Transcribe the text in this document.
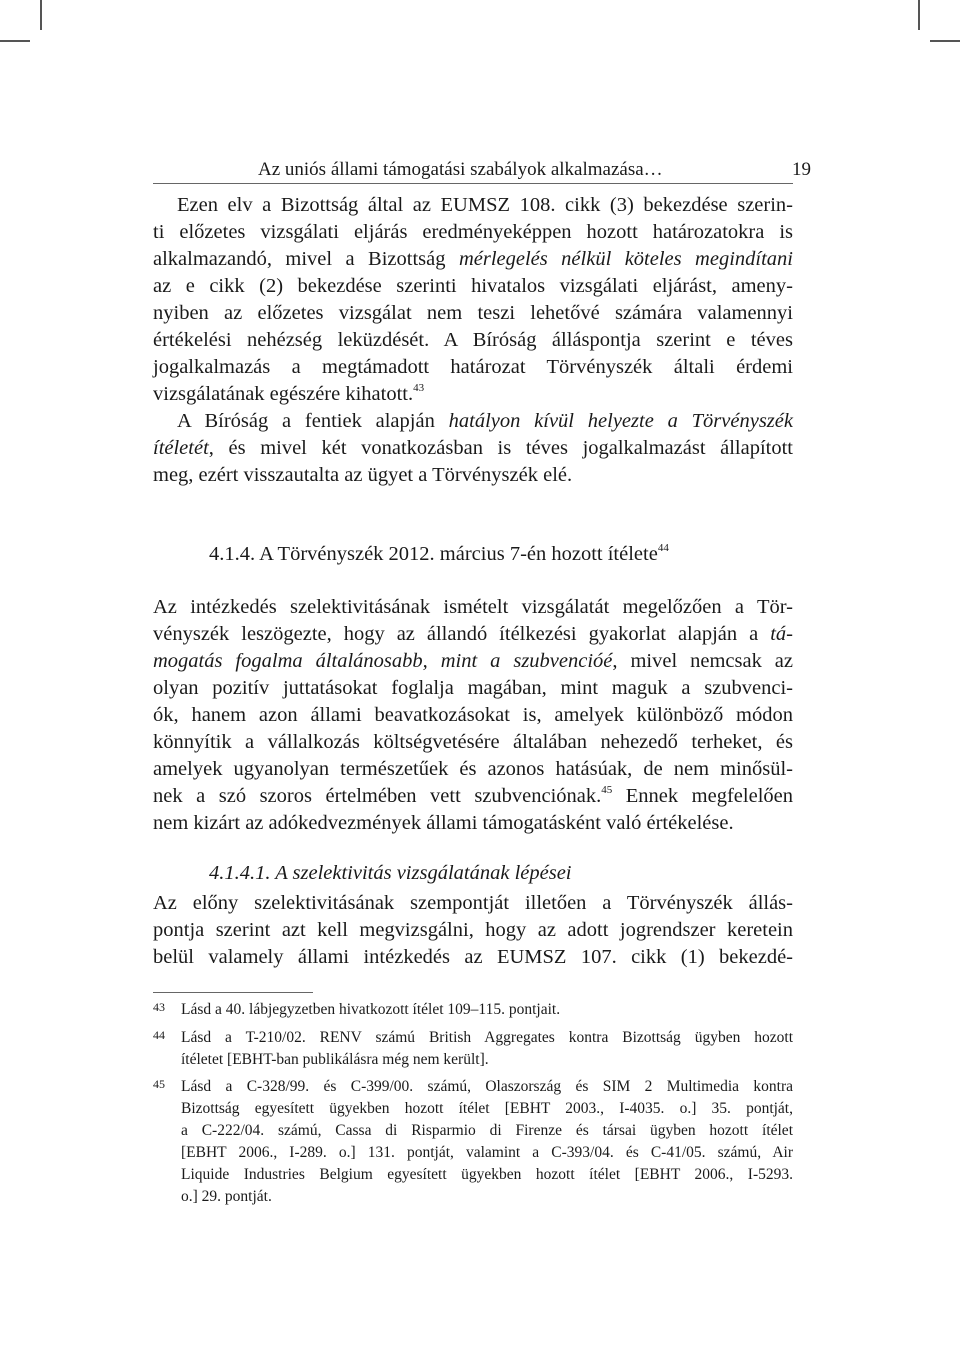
Az uniós állami támogatási szabályok alkalmazása…	19
Ezen elv a Bizottság által az EUMSZ 108. cikk (3) bekezdése szerin-
ti előzetes vizsgálati eljárás eredményeképpen hozott határozatokra is
alkalmazandó, mivel a Bizottság mérlegelés nélkül köteles megindítani
az e cikk (2) bekezdése szerinti hivatalos vizsgálati eljárást, ameny-
nyiben az előzetes vizsgálat nem teszi lehetővé számára valamennyi
értékelési nehézség leküzdését. A Bíróság álláspontja szerint e téves
jogalkalmazás a megtámadott határozat Törvényszék általi érdemi
vizsgálatának egészére kihatott.$^{43}$
A Bíróság a fentiek alapján hatályon kívül helyezte a Törvényszék
ítéletét, és mivel két vonatkozásban is téves jogalkalmazást állapított
meg, ezért visszautalta az ügyet a Törvényszék elé.
4.1.4. A Törvényszék 2012. március 7-én hozott ítélete$^{44}$
Az intézkedés szelektivitásának ismételt vizsgálatát megelőzően a Tör-
vényszék leszögezte, hogy az állandó ítélkezési gyakorlat alapján a tá-
mogatás fogalma általánosabb, mint a szubvencióé, mivel nemcsak az
olyan pozitív juttatásokat foglalja magában, mint maguk a szubvenci-
ók, hanem azon állami beavatkozásokat is, amelyek különböző módon
könnyítik a vállalkozás költségvetésére általában nehezedő terheket, és
amelyek ugyanolyan természetűek és azonos hatásúak, de nem minősül-
nek a szó szoros értelmében vett szubvenciónak.$^{45}$ Ennek megfelelően
nem kizárt az adókedvezmények állami támogatásként való értékelése.
4.1.4.1. A szelektivitás vizsgálatának lépései
Az előny szelektivitásának szempontját illetően a Törvényszék állás-
pontja szerint azt kell megvizsgálni, hogy az adott jogrendszer keretein
belül valamely állami intézkedés az EUMSZ 107. cikk (1) bekezdé-
43 Lásd a 40. lábjegyzetben hivatkozott ítélet 109–115. pontjait.
44 Lásd a T-210/02. RENV számú British Aggregates kontra Bizottság ügyben hozott
ítéletet [EBHT-ban publikálásra még nem került].
45 Lásd a C-328/99. és C-399/00. számú, Olaszország és SIM 2 Multimedia kontra
Bizottság egyesített ügyekben hozott ítélet [EBHT 2003., I-4035. o.] 35. pontját,
a C-222/04. számú, Cassa di Risparmio di Firenze és társai ügyben hozott ítélet
[EBHT 2006., I-289. o.] 131. pontját, valamint a C-393/04. és C-41/05. számú, Air
Liquide Industries Belgium egyesített ügyekben hozott ítélet [EBHT 2006., I-5293.
o.] 29. pontját.
